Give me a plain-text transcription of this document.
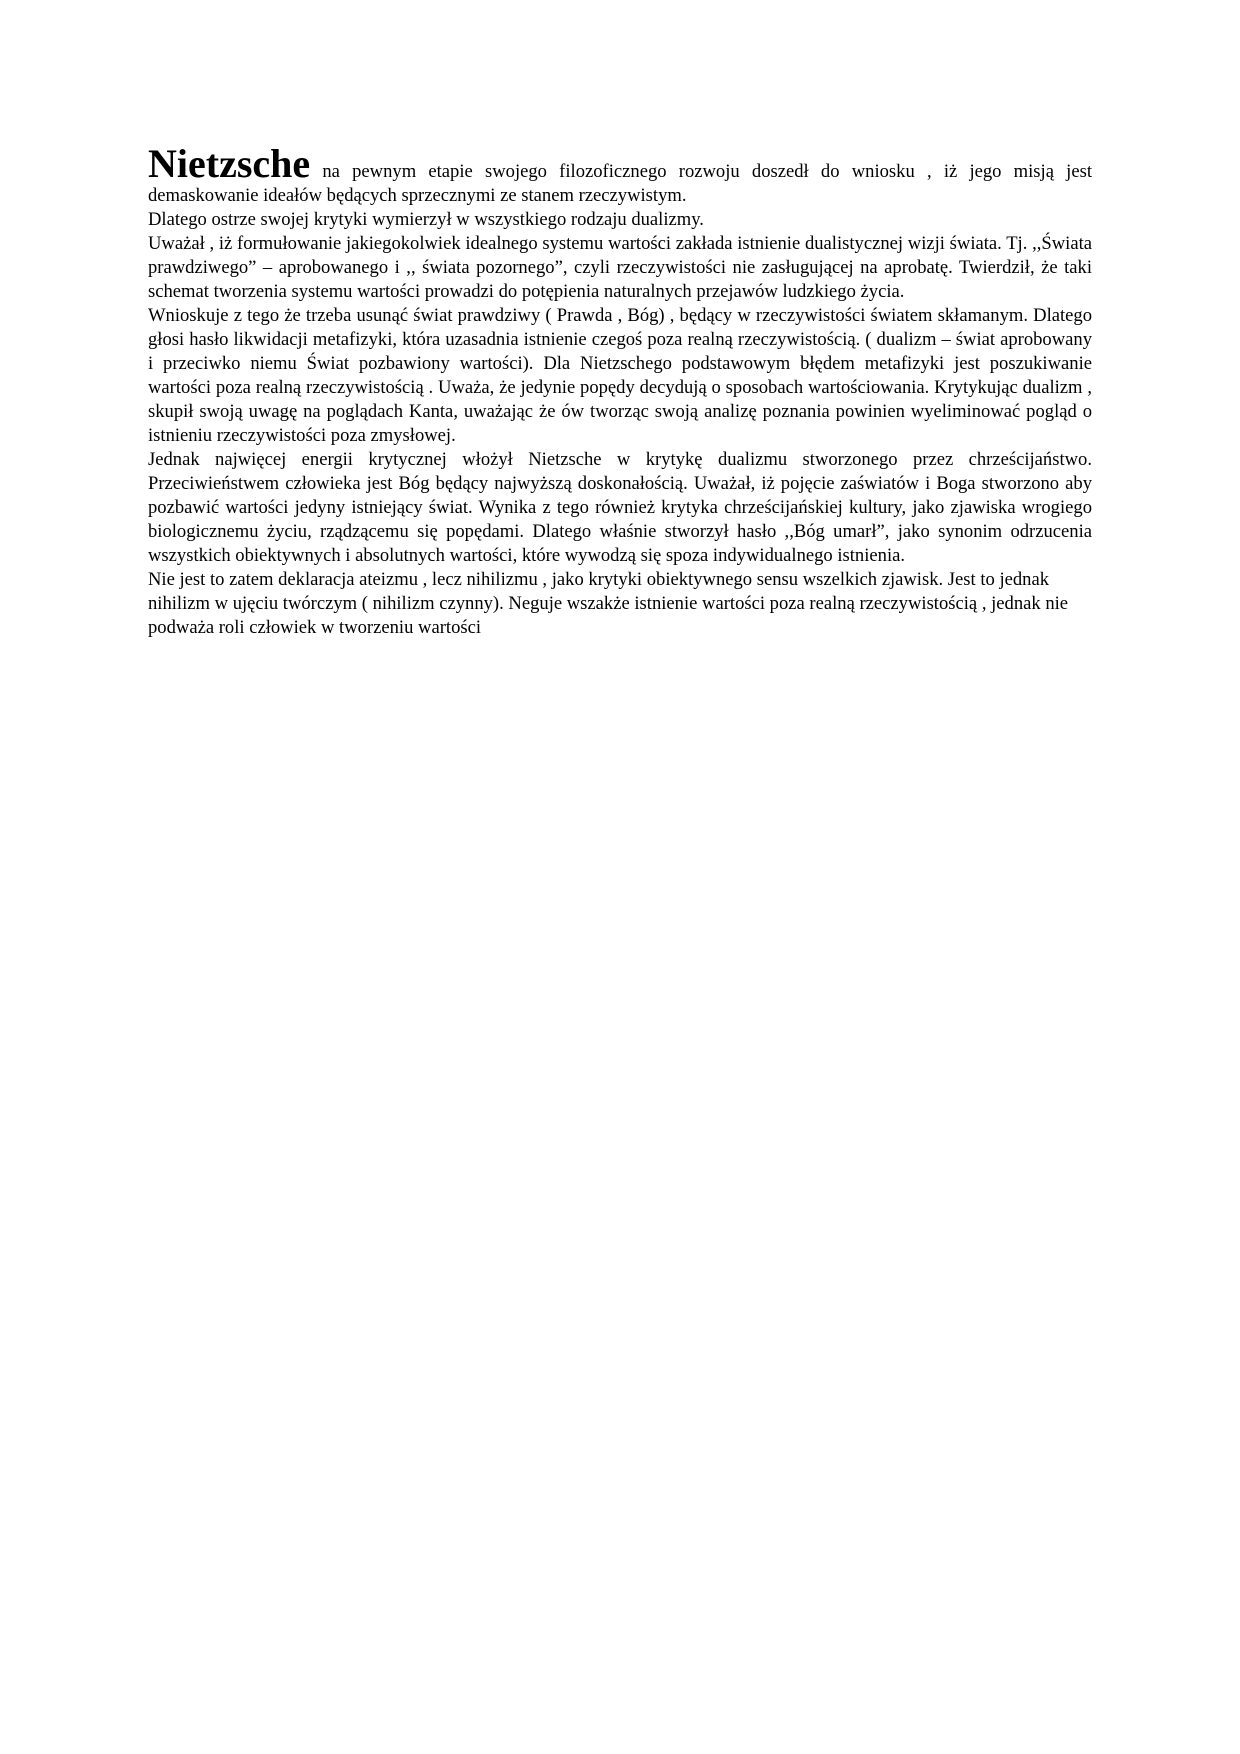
Nietzsche na pewnym etapie swojego filozoficznego rozwoju doszedł do wniosku , iż jego misją jest demaskowanie ideałów będących sprzecznymi ze stanem rzeczywistym.

Dlatego ostrze swojej krytyki wymierzył w wszystkiego rodzaju dualizmy.

Uważał , iż formułowanie jakiegokolwiek idealnego systemu wartości zakłada istnienie dualistycznej wizji świata. Tj. ,,Świata prawdziwego” – aprobowanego i ,, świata pozornego”, czyli rzeczywistości nie zasługującej na aprobatę. Twierdził, że taki schemat tworzenia systemu wartości prowadzi do potępienia naturalnych przejawów ludzkiego życia.

Wnioskuje z tego że trzeba usunąć świat prawdziwy ( Prawda , Bóg) , będący w rzeczywistości światem skłamanym. Dlatego głosi hasło likwidacji metafizyki, która uzasadnia istnienie czegoś poza realną rzeczywistością. ( dualizm – świat aprobowany i przeciwko niemu Świat pozbawiony wartości). Dla Nietzschego podstawowym błędem metafizyki jest poszukiwanie wartości poza realną rzeczywistością . Uważa, że jedynie popędy decydują o sposobach wartościowania. Krytykując dualizm , skupił swoją uwagę na poglądach Kanta, uważając że ów tworząc swoją analizę poznania powinien wyeliminować pogląd o istnieniu rzeczywistości poza zmysłowej.

Jednak najwięcej energii krytycznej włożył Nietzsche w krytykę dualizmu stworzonego przez chrześcijaństwo. Przeciwieństwem człowieka jest Bóg będący najwyższą doskonałością. Uważał, iż pojęcie zaświatów i Boga stworzono aby pozbawić wartości jedyny istniejący świat. Wynika z tego również krytyka chrześcijańskiej kultury, jako zjawiska wrogiego biologicznemu życiu, rządzącemu się popędami. Dlatego właśnie stworzył hasło ,,Bóg umarł”, jako synonim odrzucenia wszystkich obiektywnych i absolutnych wartości, które wywodzą się spoza indywidualnego istnienia.

Nie jest to zatem deklaracja ateizmu , lecz nihilizmu , jako krytyki obiektywnego sensu wszelkich zjawisk. Jest to jednak nihilizm w ujęciu twórczym ( nihilizm czynny). Neguje wszakże istnienie wartości poza realną rzeczywistością , jednak nie podważa roli człowiek w tworzeniu wartości
